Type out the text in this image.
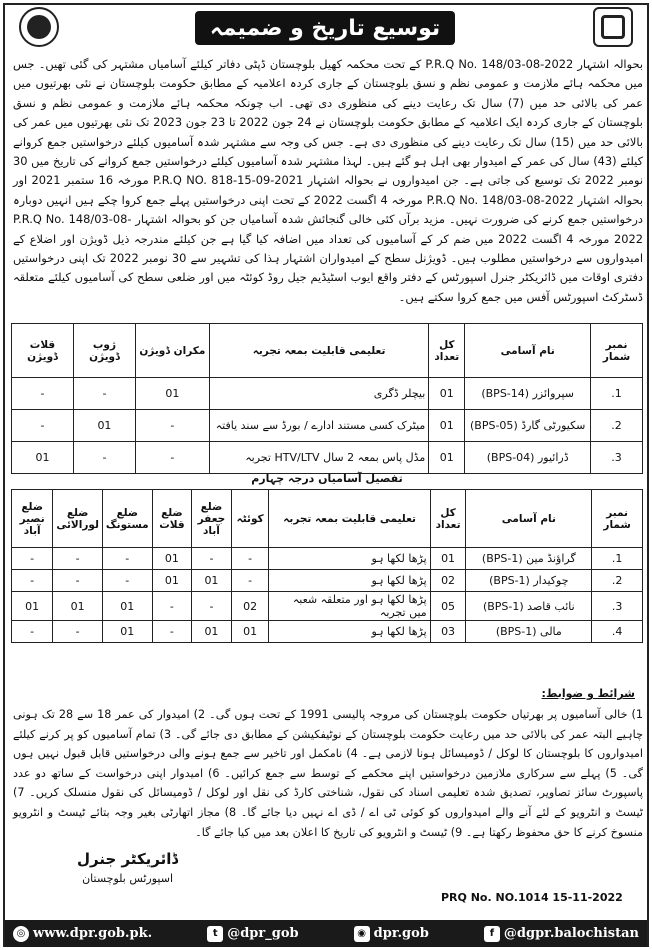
توسیع تاریخ و ضمیمہ

بحوالہ اشتہار P.R.Q No. 148/03-08-2022 کے تحت محکمہ کھیل بلوچستان ڈپٹی دفاتر کیلئے آسامیاں مشتہر کی گئی تھیں۔ جس میں محکمہ ہائے ملازمت و عمومی نظم و نسق بلوچستان کے جاری کردہ اعلامیہ کے مطابق حکومت بلوچستان نے نئی بھرتیوں میں عمر کی بالائی حد میں (7) سال تک رعایت دینے کی منظوری دی تھی۔ اب چونکہ محکمہ ہائے ملازمت و عمومی نظم و نسق بلوچستان کے جاری کردہ ایک اعلامیہ کے مطابق حکومت بلوچستان نے 24 جون 2022 تا 23 جون 2023 تک نئی بھرتیوں میں عمر کی بالائی حد میں (15) سال تک رعایت دینے کی منظوری دی ہے۔ جس کی وجہ سے مشتہر شدہ آسامیوں کیلئے درخواستیں جمع کروانے کیلئے (43) سال کی عمر کے امیدوار بھی اہل ہو گئے ہیں۔ لہذا مشتہر شدہ آسامیوں کیلئے درخواستیں جمع کروانے کی تاریخ میں 30 نومبر 2022 تک توسیع کی جاتی ہے۔ جن امیدواروں نے بحوالہ اشتہار P.R.Q NO. 818-15-09-2021 مورخہ 16 ستمبر 2021 اور بحوالہ اشتہار P.R.Q No. 148/03-08-2022 مورخہ 4 اگست 2022 کے تحت اپنی درخواستیں پہلے جمع کروا چکے ہیں انہیں دوبارہ درخواستیں جمع کرنے کی ضرورت نہیں۔ مزید برآں کئی خالی گنجائش شدہ آسامیاں جن کو بحوالہ اشتہار P.R.Q No. 148/03-08-2022 مورخہ 4 اگست 2022 میں ضم کر کے آسامیوں کی تعداد میں اضافہ کیا گیا ہے جن کیلئے مندرجہ ذیل ڈویژن اور اضلاع کے امیدواروں سے درخواستیں مطلوب ہیں۔ ڈویژنل سطح کے امیدواران اشتہار ہذا کی تشہیر سے 30 نومبر 2022 تک اپنی درخواستیں دفتری اوقات میں ڈائریکٹر جنرل اسپورٹس کے دفتر واقع ایوب اسٹیڈیم جیل روڈ کوئٹہ میں اور ضلعی سطح کی آسامیوں کیلئے متعلقہ ڈسٹرکٹ اسپورٹس آفس میں جمع کروا سکتے ہیں۔

نمبر شمار	نام آسامی	کل تعداد	تعلیمی قابلیت بمعہ تجربہ	مکران ڈویژن	ژوب ڈویژن	قلات ڈویژن
1.	سپروائزر (BPS-14)	01	بیچلر ڈگری	01	-	-
2.	سکیورٹی گارڈ (BPS-05)	01	میٹرک کسی مستند ادارے / بورڈ سے سند یافتہ	-	01	-
3.	ڈرائیور (BPS-04)	01	مڈل پاس بمعہ 2 سال HTV/LTV تجربہ	-	-	01
تفصیل آسامیاں درجہ چہارم
نمبر شمار	نام آسامی	کل تعداد	تعلیمی قابلیت بمعہ تجربہ	کوئٹہ	ضلع جعفر آباد	ضلع قلات	ضلع مستونگ	ضلع لورالائی	ضلع نصیر آباد
1.	گراؤنڈ مین (BPS-1)	01	پڑھا لکھا ہو	-	-	01	-	-	-
2.	چوکیدار (BPS-1)	02	پڑھا لکھا ہو	-	01	01	-	-	-
3.	نائب قاصد (BPS-1)	05	پڑھا لکھا ہو اور متعلقہ شعبہ میں تجربہ	02	-	-	01	01	01
4.	مالی (BPS-1)	03	پڑھا لکھا ہو	01	01	-	01	-	-
شرائط و ضوابط:

1) خالی آسامیوں پر بھرتیاں حکومت بلوچستان کی مروجہ پالیسی 1991 کے تحت ہوں گی۔ 2) امیدوار کی عمر 18 سے 28 تک ہونی چاہیے البتہ عمر کی بالائی حد میں رعایت حکومت بلوچستان کے نوٹیفکیشن کے مطابق دی جائے گی۔ 3) تمام آسامیوں کو پر کرنے کیلئے امیدواروں کا بلوچستان کا لوکل / ڈومیسائل ہونا لازمی ہے۔ 4) نامکمل اور تاخیر سے جمع ہونے والی درخواستیں قابل قبول نہیں ہوں گی۔ 5) پہلے سے سرکاری ملازمین درخواستیں اپنے محکمے کے توسط سے جمع کرائیں۔ 6) امیدوار اپنی درخواست کے ساتھ دو عدد پاسپورٹ سائز تصاویر، تصدیق شدہ تعلیمی اسناد کی نقول، شناختی کارڈ کی نقل اور لوکل / ڈومیسائل کی نقول منسلک کریں۔ 7) ٹیسٹ و انٹرویو کے لئے آنے والے امیدواروں کو کوئی ٹی اے / ڈی اے نہیں دیا جائے گا۔ 8) مجاز اتھارٹی بغیر وجہ بتائے ٹیسٹ و انٹرویو منسوخ کرنے کا حق محفوظ رکھتا ہے۔ 9) ٹیسٹ و انٹرویو کی تاریخ کا اعلان بعد میں کیا جائے گا۔

ڈائریکٹر جنرل
اسپورٹس بلوچستان
PRQ No. NO.1014 15-11-2022
◎ www.dpr.gob.pk.	t @dpr_gob	◉ dpr.gob	f @dgpr.balochistan
